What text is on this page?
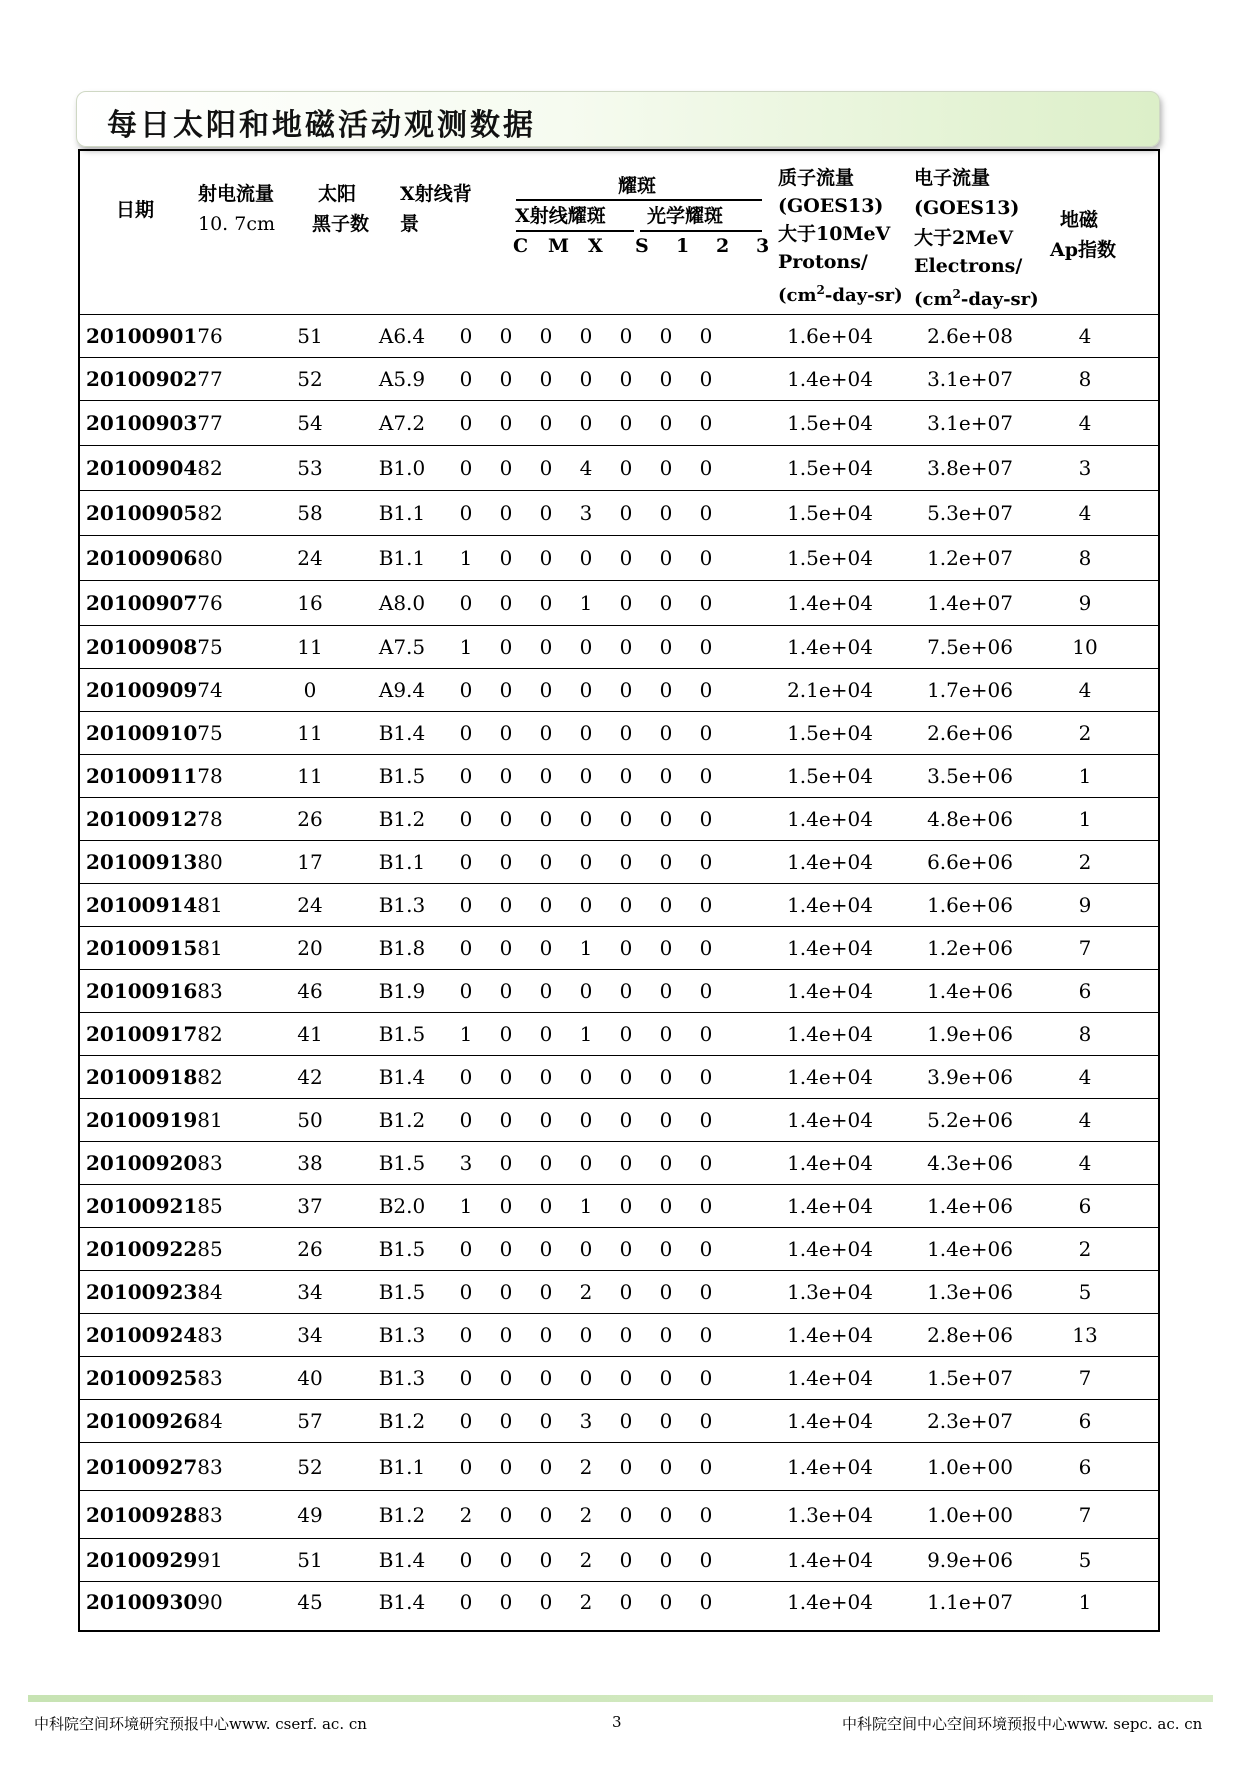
每日太阳和地磁活动观测数据
日期
射电流量
10. 7cm
太阳
黑子数
X射线背
景
耀斑
X射线耀斑 光学耀斑
C M X S 1 2 3
质子流量
(GOES13)
大于10MeV
Protons/
$(cm^2-day-sr)$
电子流量
(GOES13)
大于2MeV
Electrons/
$(cm^2-day-sr)$
地磁
Ap指数
20100901 76	51	A6.4	0	0	0	0	0	0	0	1.6e+04	2.6e+08	4
20100902 77	52	A5.9	0	0	0	0	0	0	0	1.4e+04	3.1e+07	8
20100903 77	54	A7.2	0	0	0	0	0	0	0	1.5e+04	3.1e+07	4
20100904 82	53	B1.0	0	0	0	4	0	0	0	1.5e+04	3.8e+07	3
20100905 82	58	B1.1	0	0	0	3	0	0	0	1.5e+04	5.3e+07	4
20100906 80	24	B1.1	1	0	0	0	0	0	0	1.5e+04	1.2e+07	8
20100907 76	16	A8.0	0	0	0	1	0	0	0	1.4e+04	1.4e+07	9
20100908 75	11	A7.5	1	0	0	0	0	0	0	1.4e+04	7.5e+06	10
20100909 74	0	A9.4	0	0	0	0	0	0	0	2.1e+04	1.7e+06	4
20100910 75	11	B1.4	0	0	0	0	0	0	0	1.5e+04	2.6e+06	2
20100911 78	11	B1.5	0	0	0	0	0	0	0	1.5e+04	3.5e+06	1
20100912 78	26	B1.2	0	0	0	0	0	0	0	1.4e+04	4.8e+06	1
20100913 80	17	B1.1	0	0	0	0	0	0	0	1.4e+04	6.6e+06	2
20100914 81	24	B1.3	0	0	0	0	0	0	0	1.4e+04	1.6e+06	9
20100915 81	20	B1.8	0	0	0	1	0	0	0	1.4e+04	1.2e+06	7
20100916 83	46	B1.9	0	0	0	0	0	0	0	1.4e+04	1.4e+06	6
20100917 82	41	B1.5	1	0	0	1	0	0	0	1.4e+04	1.9e+06	8
20100918 82	42	B1.4	0	0	0	0	0	0	0	1.4e+04	3.9e+06	4
20100919 81	50	B1.2	0	0	0	0	0	0	0	1.4e+04	5.2e+06	4
20100920 83	38	B1.5	3	0	0	0	0	0	0	1.4e+04	4.3e+06	4
20100921 85	37	B2.0	1	0	0	1	0	0	0	1.4e+04	1.4e+06	6
20100922 85	26	B1.5	0	0	0	0	0	0	0	1.4e+04	1.4e+06	2
20100923 84	34	B1.5	0	0	0	2	0	0	0	1.3e+04	1.3e+06	5
20100924 83	34	B1.3	0	0	0	0	0	0	0	1.4e+04	2.8e+06	13
20100925 83	40	B1.3	0	0	0	0	0	0	0	1.4e+04	1.5e+07	7
20100926 84	57	B1.2	0	0	0	3	0	0	0	1.4e+04	2.3e+07	6
20100927 83	52	B1.1	0	0	0	2	0	0	0	1.4e+04	1.0e+00	6
20100928 83	49	B1.2	2	0	0	2	0	0	0	1.3e+04	1.0e+00	7
20100929 91	51	B1.4	0	0	0	2	0	0	0	1.4e+04	9.9e+06	5
20100930 90	45	B1.4	0	0	0	2	0	0	0	1.4e+04	1.1e+07	1
中科院空间环境研究预报中心www. cserf. ac. cn	3	中科院空间中心空间环境预报中心www. sepc. ac. cn
